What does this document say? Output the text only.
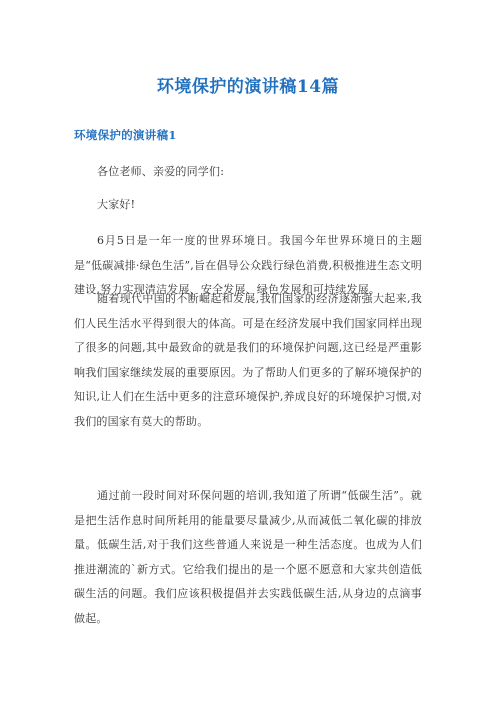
环境保护的演讲稿14篇
环境保护的演讲稿1

各位老师、亲爱的同学们:

大家好!

6月5日是一年一度的世界环境日。我国今年世界环境日的主题是“低碳减排·绿色生活”,旨在倡导公众践行绿色消费,积极推进生态文明建设,努力实现清洁发展、安全发展、绿色发展和可持续发展。

随着现代中国的不断崛起和发展,我们国家的经济逐渐强大起来,我们人民生活水平得到很大的体高。可是在经济发展中我们国家同样出现了很多的问题,其中最致命的就是我们的环境保护问题,这已经是严重影响我们国家继续发展的重要原因。为了帮助人们更多的了解环境保护的知识,让人们在生活中更多的注意环境保护,养成良好的环境保护习惯,对我们的国家有莫大的帮助。

通过前一段时间对环保问题的培训,我知道了所谓“低碳生活”。就是把生活作息时间所耗用的能量要尽量减少,从而减低二氧化碳的排放量。低碳生活,对于我们这些普通人来说是一种生活态度。也成为人们推进潮流的`新方式。它给我们提出的是一个愿不愿意和大家共创造低碳生活的问题。我们应该积极提倡并去实践低碳生活,从身边的点滴事做起。
